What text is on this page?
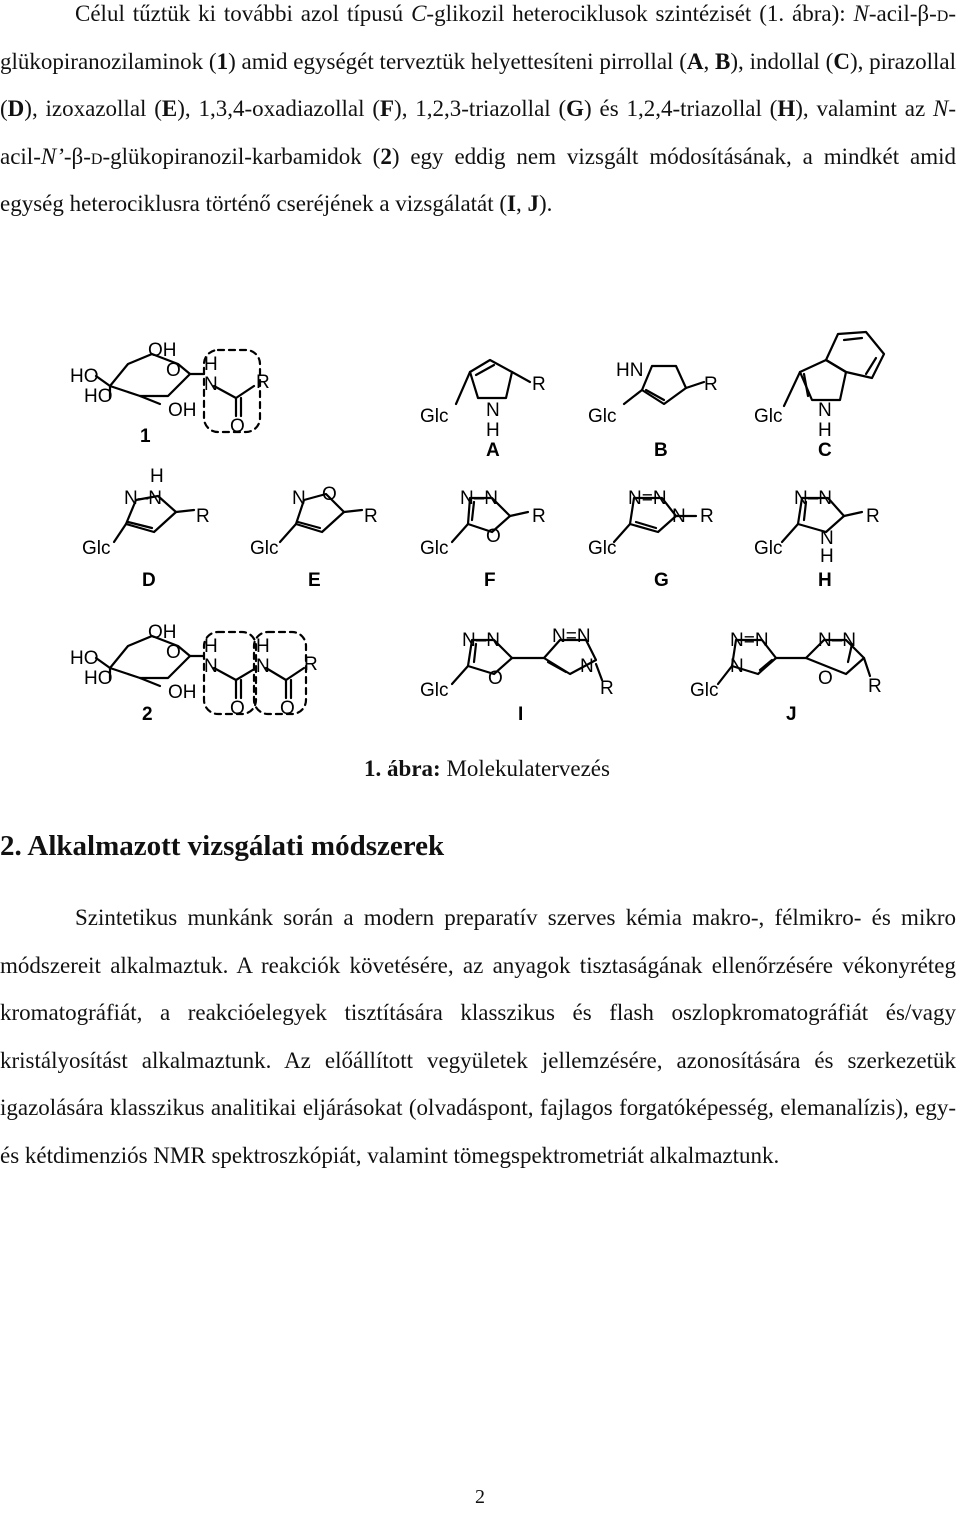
Célul tűztük ki további azol típusú C-glikozil heterociklusok szintézisét (1. ábra): N-acil-β-d-glükopiranozilaminok (1) amid egységét terveztük helyettesíteni pirrollal (A, B), indollal (C), pirazollal (D), izoxazollal (E), 1,3,4-oxadiazollal (F), 1,2,3-triazollal (G) és 1,2,4-triazollal (H), valamint az N-acil-N’-β-d-glükopiranozil-karbamidok (2) egy eddig nem vizsgált módosításának, a mindkét amid egység heterociklusra történő cseréjének a vizsgálatát (I, J).

OH
HO
HO
O
OH
H
N R
O
R
Glc N
H
HN
R
Glc	Glc N
H
H
N–N
R
Glc
N O
R
Glc
N–N
R
O
Glc
N=N
N R
Glc
N–N
R
N
H
Glc
OH
HO
HO
O
OH
H
N
H
N R
O O
N–N
O
Glc
N=N
N
R
N=N
N
Glc
N–N
O R
1
A	B	C
D	E	F	G	H
2	I	J

1. ábra: Molekulatervezés

2. Alkalmazott vizsgálati módszerek

Szintetikus munkánk során a modern preparatív szerves kémia makro-, félmikro- és mikro módszereit alkalmaztuk. A reakciók követésére, az anyagok tisztaságának ellenőrzésére vékonyréteg kromatográfiát, a reakcióelegyek tisztítására klasszikus és flash oszlopkromatográfiát és/vagy kristályosítást alkalmaztunk. Az előállított vegyületek jellemzésére, azonosítására és szerkezetük igazolására klasszikus analitikai eljárásokat (olvadáspont, fajlagos forgatóképesség, elemanalízis), egy- és kétdimenziós NMR spektroszkópiát, valamint tömegspektrometriát alkalmaztunk.

2
